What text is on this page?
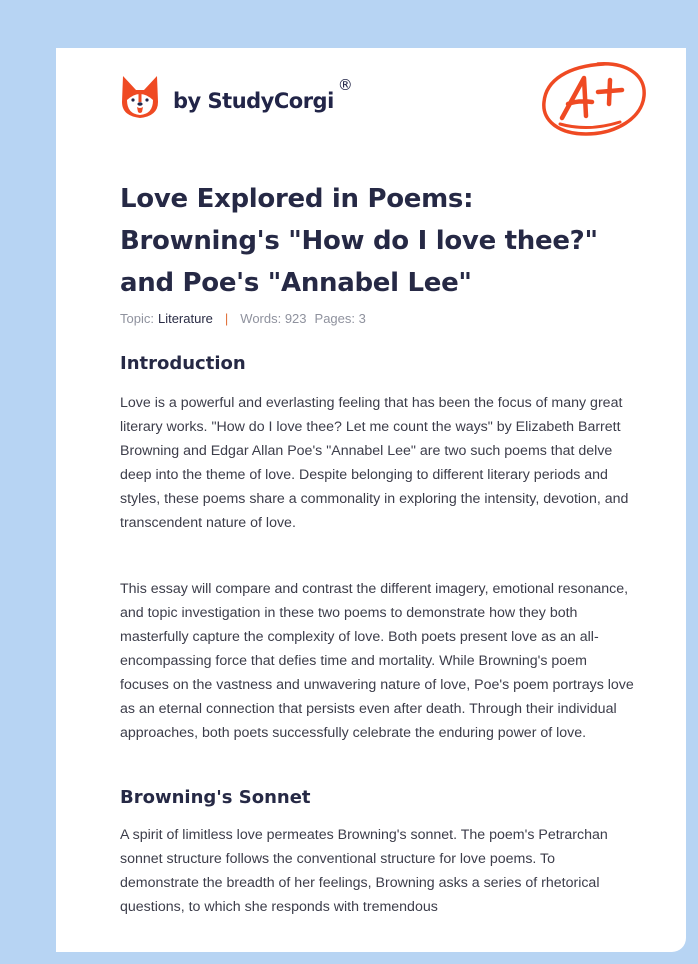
by StudyCorgi
®
Love Explored in Poems: Browning's "How do I love thee?" and Poe's "Annabel Lee"
Topic: Literature | Words: 923 Pages: 3
Introduction

Love is a powerful and everlasting feeling that has been the focus of many great literary works. "How do I love thee? Let me count the ways" by Elizabeth Barrett Browning and Edgar Allan Poe's "Annabel Lee" are two such poems that delve deep into the theme of love. Despite belonging to different literary periods and styles, these poems share a commonality in exploring the intensity, devotion, and transcendent nature of love.

This essay will compare and contrast the different imagery, emotional resonance, and topic investigation in these two poems to demonstrate how they both masterfully capture the complexity of love. Both poets present love as an all-encompassing force that defies time and mortality. While Browning's poem focuses on the vastness and unwavering nature of love, Poe's poem portrays love as an eternal connection that persists even after death. Through their individual approaches, both poets successfully celebrate the enduring power of love.

Browning's Sonnet

A spirit of limitless love permeates Browning's sonnet. The poem's Petrarchan sonnet structure follows the conventional structure for love poems. To demonstrate the breadth of her feelings, Browning asks a series of rhetorical questions, to which she responds with tremendous
